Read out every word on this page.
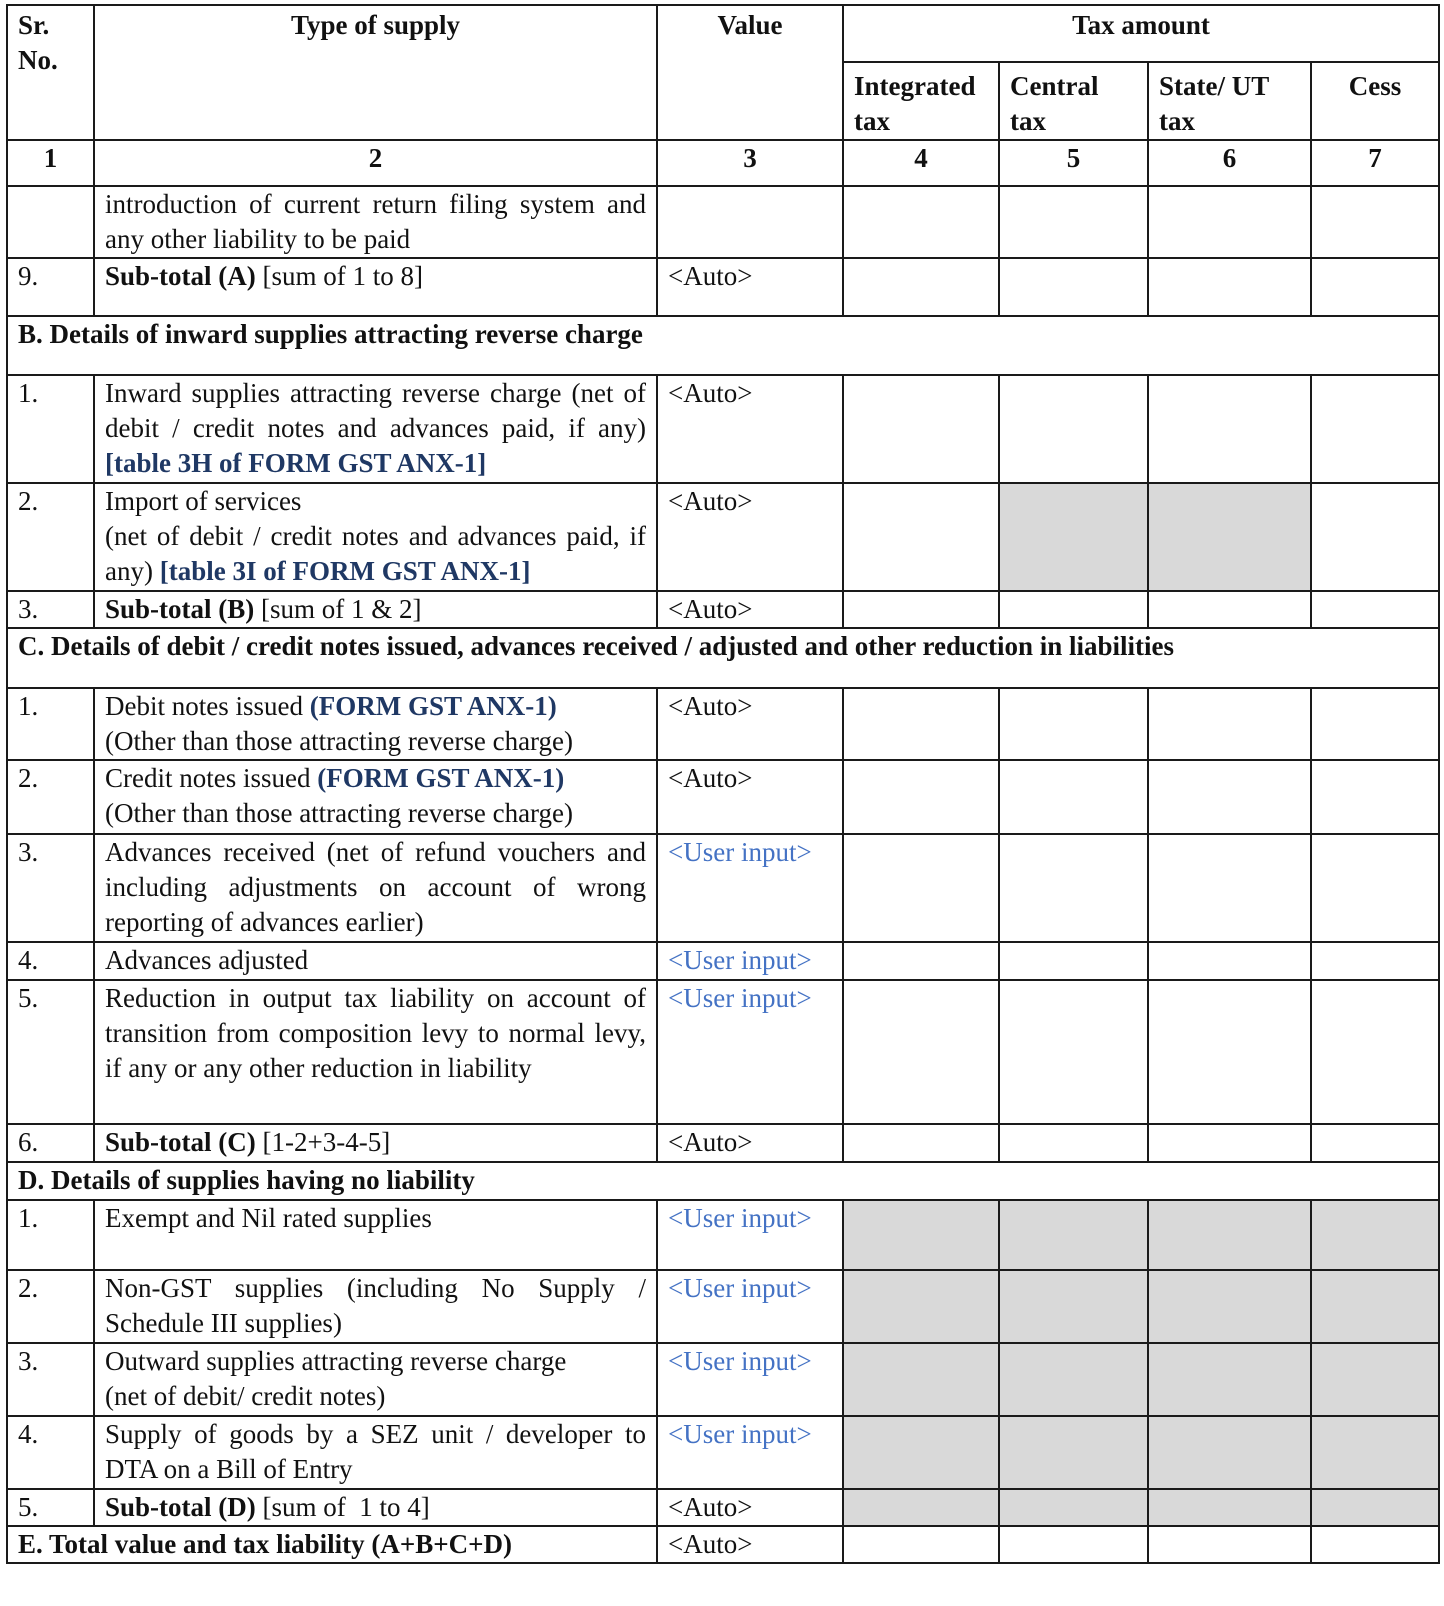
Sr. No.	Type of supply	Value	Tax amount			
			Integrated tax	Central tax	State/ UT tax	Cess
1	2	3	4	5	6	7
	introduction of current return filing system and any other liability to be paid					
9.	Sub-total (A) [sum of 1 to 8]	<Auto>				
B. Details of inward supplies attracting reverse charge						
1.	Inward supplies attracting reverse charge (net of debit / credit notes and advances paid, if any) [table 3H of FORM GST ANX-1]	<Auto>				
2.	Import of services
(net of debit / credit notes and advances paid, if any) [table 3I of FORM GST ANX-1]	<Auto>				
3.	Sub-total (B) [sum of 1 & 2]	<Auto>				
C. Details of debit / credit notes issued, advances received / adjusted and other reduction in liabilities						
1.	Debit notes issued (FORM GST ANX-1)
(Other than those attracting reverse charge)	<Auto>				
2.	Credit notes issued (FORM GST ANX-1)
(Other than those attracting reverse charge)	<Auto>				
3.	Advances received (net of refund vouchers and including adjustments on account of wrong reporting of advances earlier)	<User input>				
4.	Advances adjusted	<User input>				
5.	Reduction in output tax liability on account of transition from composition levy to normal levy, if any or any other reduction in liability	<User input>				
6.	Sub-total (C) [1-2+3-4-5]	<Auto>				
D. Details of supplies having no liability						
1.	Exempt and Nil rated supplies	<User input>				
2.	Non-GST supplies (including No Supply / Schedule III supplies)	<User input>				
3.	Outward supplies attracting reverse charge
(net of debit/ credit notes)	<User input>				
4.	Supply of goods by a SEZ unit / developer to DTA on a Bill of Entry	<User input>				
5.	Sub-total (D) [sum of  1 to 4]	<Auto>				
E. Total value and tax liability (A+B+C+D)		<Auto>				
